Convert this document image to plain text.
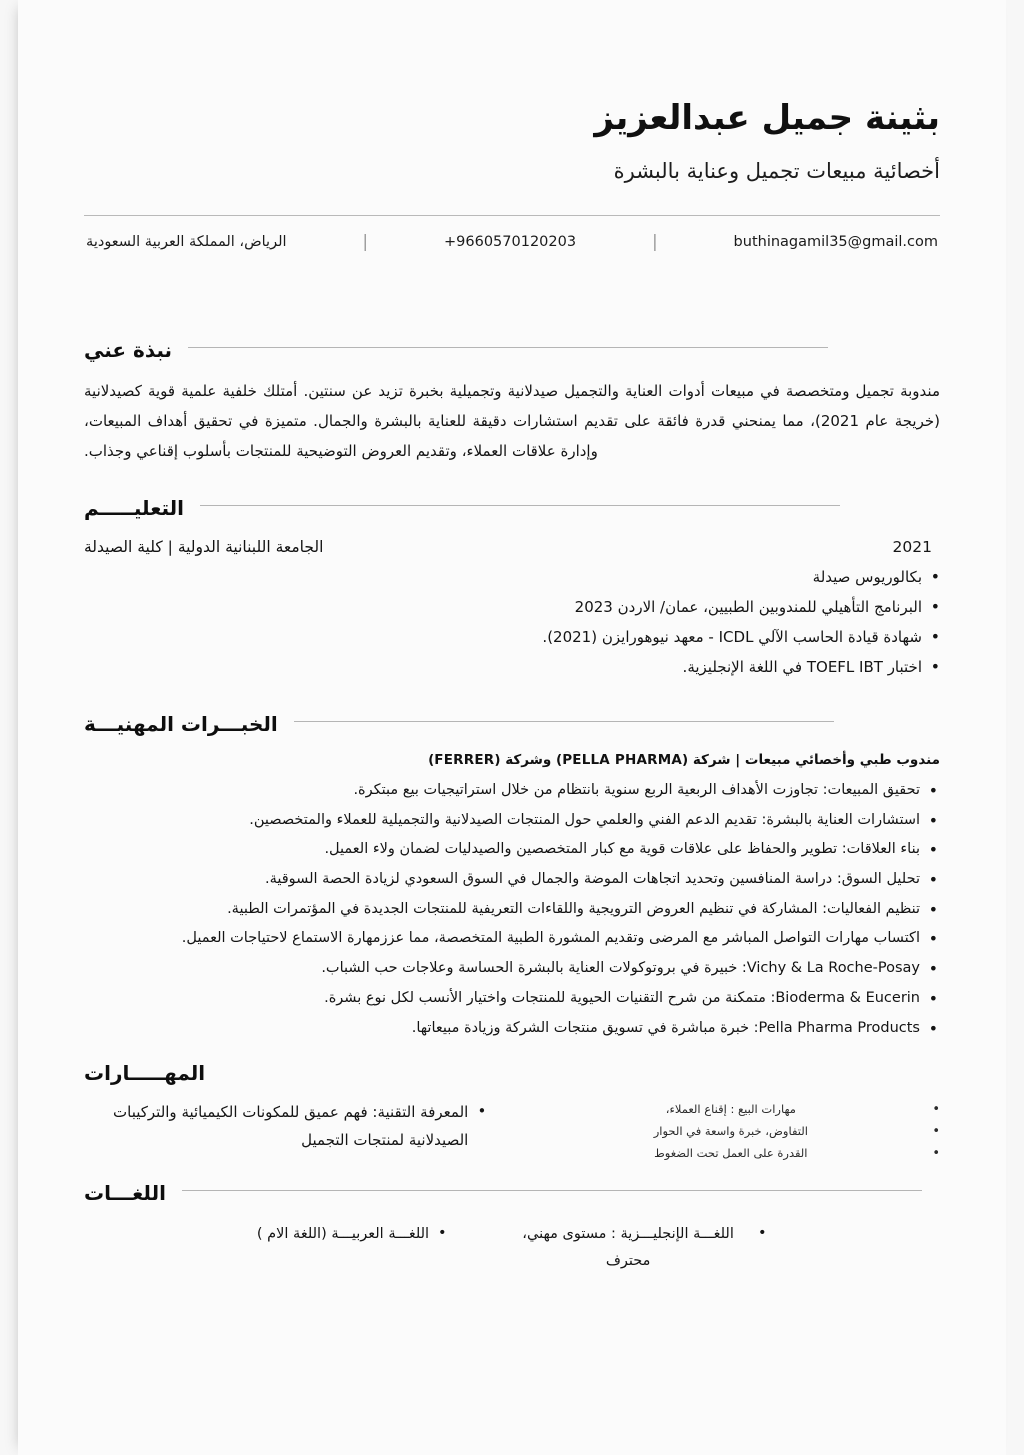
بثينة جميل عبدالعزيز
أخصائية مبيعات تجميل وعناية بالبشرة
buthinagamil35@gmail.com
|
+9660570120203
|
الرياض، المملكة العربية السعودية
نبذة عني
مندوبة تجميل ومتخصصة في مبيعات أدوات العناية والتجميل صيدلانية وتجميلية بخبرة تزيد عن سنتين. أمتلك خلفية علمية قوية كصيدلانية (خريجة عام 2021)، مما يمنحني قدرة فائقة على تقديم استشارات دقيقة للعناية بالبشرة والجمال. متميزة في تحقيق أهداف المبيعات، وإدارة علاقات العملاء، وتقديم العروض التوضيحية للمنتجات بأسلوب إقناعي وجذاب.
التعليـــــم
2021
الجامعة اللبنانية الدولية | كلية الصيدلة
• بكالوريوس صيدلة
• البرنامج التأهيلي للمندوبين الطبيين، عمان/ الاردن 2023
• شهادة قيادة الحاسب الآلي ICDL - معهد نيوهورايزن (2021).
• اختبار TOEFL IBT في اللغة الإنجليزية.
الخبـــرات المهنيـــة
مندوب طبي وأخصائي مبيعات | شركة (PELLA PHARMA) وشركة (FERRER)
• تحقيق المبيعات: تجاوزت الأهداف الربعية الربع سنوية بانتظام من خلال استراتيجيات بيع مبتكرة.
• استشارات العناية بالبشرة: تقديم الدعم الفني والعلمي حول المنتجات الصيدلانية والتجميلية للعملاء والمتخصصين.
• بناء العلاقات: تطوير والحفاظ على علاقات قوية مع كبار المتخصصين والصيدليات لضمان ولاء العميل.
• تحليل السوق: دراسة المنافسين وتحديد اتجاهات الموضة والجمال في السوق السعودي لزيادة الحصة السوقية.
• تنظيم الفعاليات: المشاركة في تنظيم العروض الترويجية واللقاءات التعريفية للمنتجات الجديدة في المؤتمرات الطبية.
• اكتساب مهارات التواصل المباشر مع المرضى وتقديم المشورة الطبية المتخصصة، مما عززمهارة الاستماع لاحتياجات العميل.
• Vichy & La Roche-Posay: خبيرة في بروتوكولات العناية بالبشرة الحساسة وعلاجات حب الشباب.
• Bioderma & Eucerin: متمكنة من شرح التقنيات الحيوية للمنتجات واختيار الأنسب لكل نوع بشرة.
• Pella Pharma Products: خبرة مباشرة في تسويق منتجات الشركة وزيادة مبيعاتها.
المهـــــارات
• مهارات البيع : إقناع العملاء،
• التفاوض، خبرة واسعة في الحوار
• القدرة على العمل تحت الضغوط
• المعرفة التقنية: فهم عميق للمكونات الكيميائية والتركيبات الصيدلانية لمنتجات التجميل
اللغـــات
• اللغـــة الإنجليـــزية : مستوى مهني، محترف
• اللغـــة العربيـــة (اللغة الام )
